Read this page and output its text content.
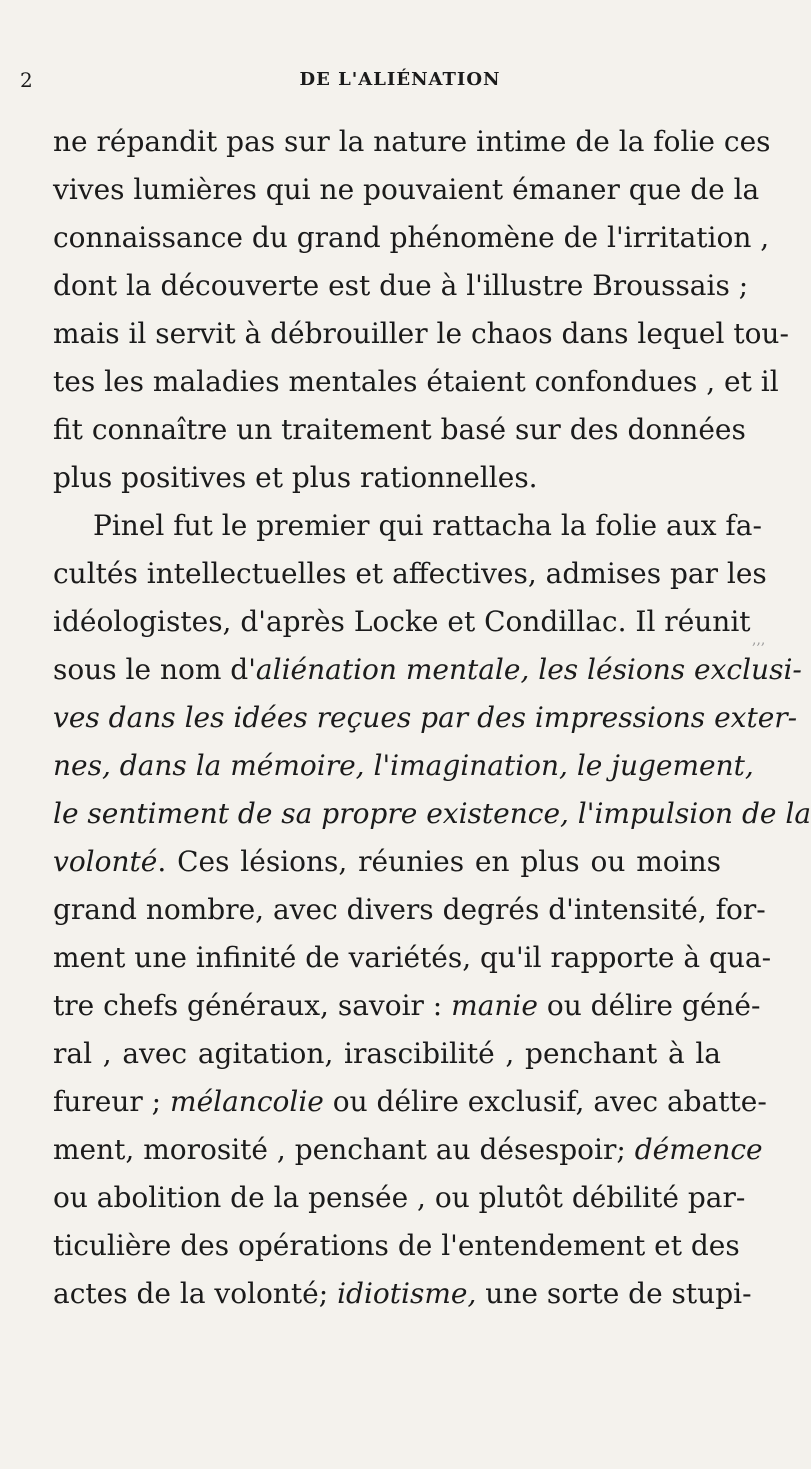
2	DE L'ALIÉNATION
ne répandit pas sur la nature intime de la folie ces
vives lumières qui ne pouvaient émaner que de la
connaissance du grand phénomène de l'irritation ,
dont la découverte est due à l'illustre Broussais ;
mais il servit à débrouiller le chaos dans lequel tou-
tes les maladies mentales étaient confondues , et il
fit connaître un traitement basé sur des données
plus positives et plus rationnelles.
Pinel fut le premier qui rattacha la folie aux fa-
cultés intellectuelles et affectives, admises par les
idéologistes, d'après Locke et Condillac. Il réunit
sous le nom d'aliénation mentale, les lésions exclusi-
ves dans les idées reçues par des impressions exter-
nes, dans la mémoire, l'imagination, le jugement,
le sentiment de sa propre existence, l'impulsion de la
volonté. Ces lésions, réunies en plus ou moins
grand nombre, avec divers degrés d'intensité, for-
ment une infinité de variétés, qu'il rapporte à qua-
tre chefs généraux, savoir : manie ou délire géné-
ral , avec agitation, irascibilité , penchant à la
fureur ; mélancolie ou délire exclusif, avec abatte-
ment, morosité , penchant au désespoir; démence
ou abolition de la pensée , ou plutôt débilité par-
ticulière des opérations de l'entendement et des
actes de la volonté; idiotisme, une sorte de stupi-
,,,
